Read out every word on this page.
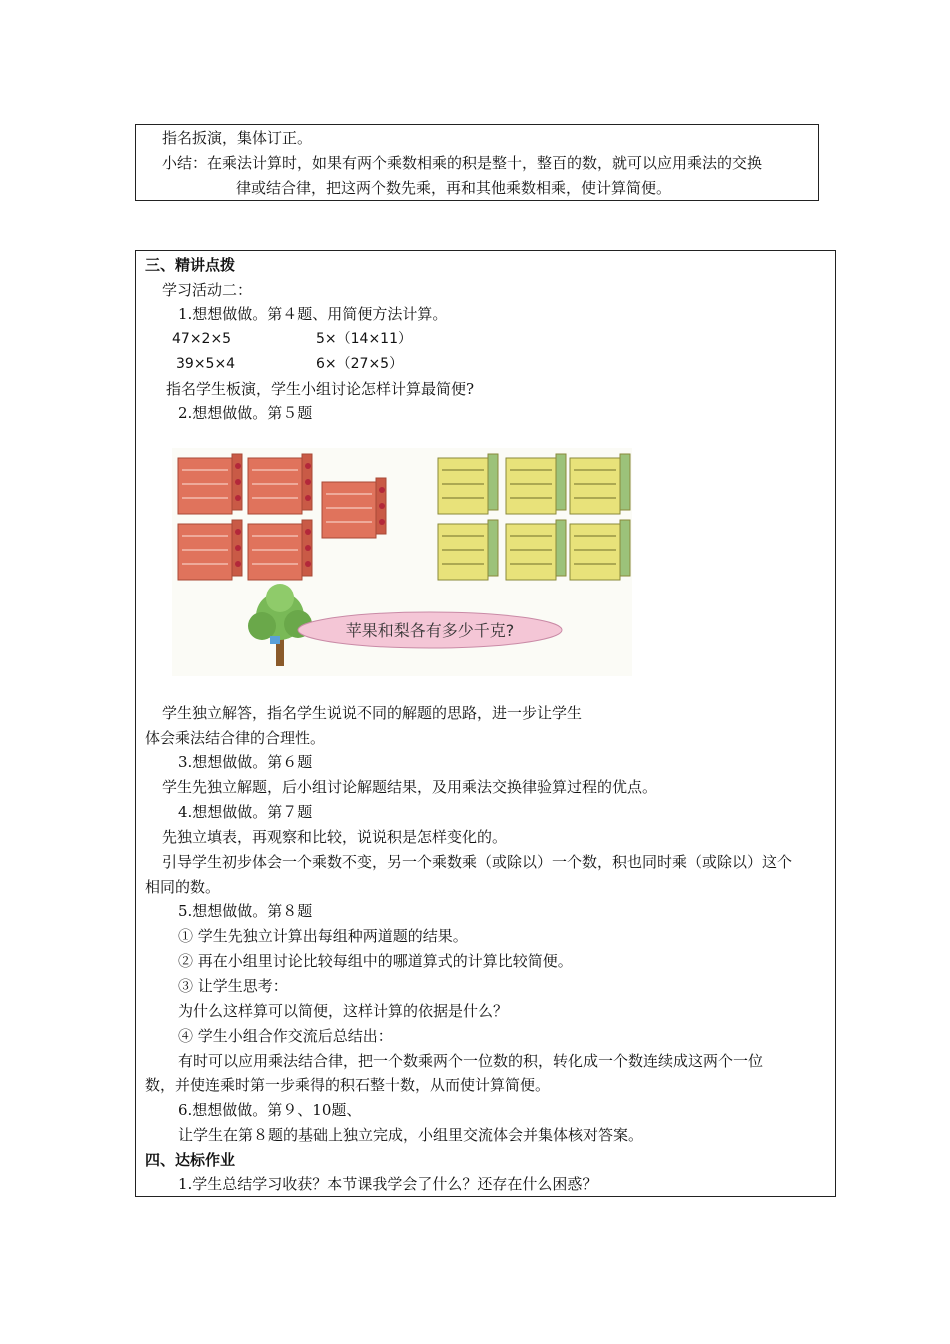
指名扳演，集体订正。
小结：在乘法计算时，如果有两个乘数相乘的积是整十，整百的数，就可以应用乘法的交换
律或结合律，把这两个数先乘，再和其他乘数相乘，使计算简便。
三、精讲点拨
学习活动二：
1.想想做做。第４题、用简便方法计算。
47×2×5	5×（14×11）
39×5×4	6×（27×5）
指名学生板演，学生小组讨论怎样计算最简便?
2.想想做做。第５题
苹果和梨各有多少千克?
学生独立解答，指名学生说说不同的解题的思路，进一步让学生
体会乘法结合律的合理性。
3.想想做做。第６题
学生先独立解题，后小组讨论解题结果，及用乘法交换律验算过程的优点。
4.想想做做。第７题
先独立填表，再观察和比较，说说积是怎样变化的。
引导学生初步体会一个乘数不变，另一个乘数乘（或除以）一个数，积也同时乘（或除以）这个
相同的数。
5.想想做做。第８题
① 学生先独立计算出每组种两道题的结果。
② 再在小组里讨论比较每组中的哪道算式的计算比较简便。
③ 让学生思考：
为什么这样算可以简便，这样计算的依据是什么？
④ 学生小组合作交流后总结出：
有时可以应用乘法结合律，把一个数乘两个一位数的积，转化成一个数连续成这两个一位
数，并使连乘时第一步乘得的积石整十数，从而使计算简便。
6.想想做做。第９、10题、
让学生在第８题的基础上独立完成，小组里交流体会并集体核对答案。
四、达标作业
1.学生总结学习收获？本节课我学会了什么？还存在什么困惑？
